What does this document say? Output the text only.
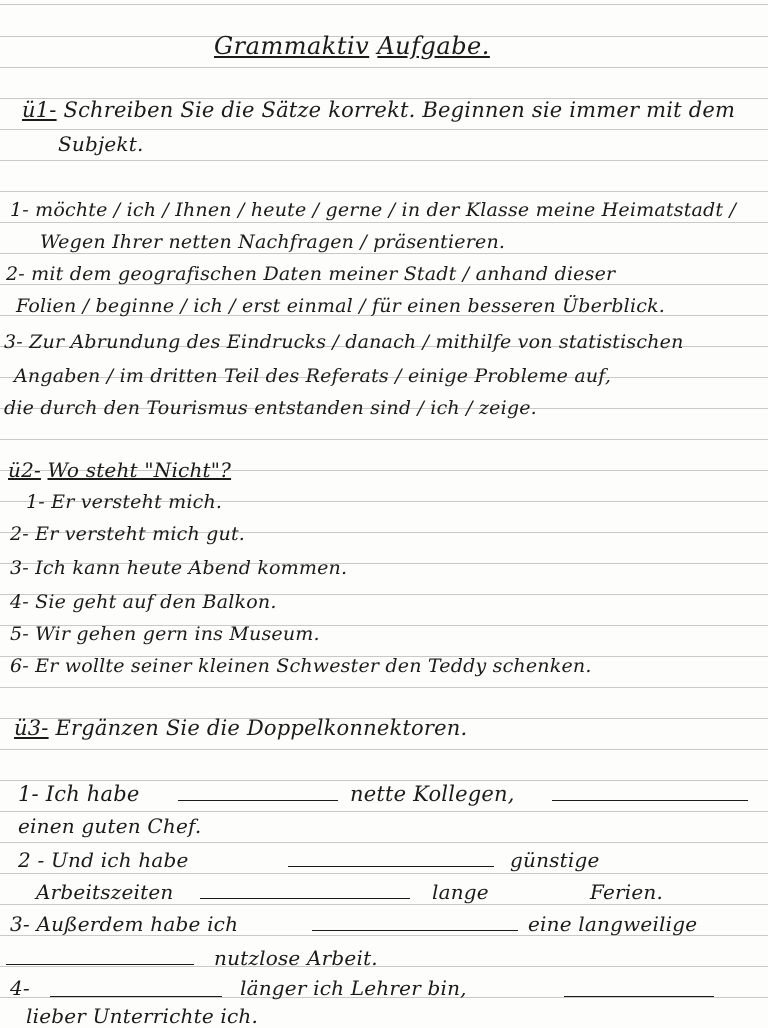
Grammaktiv Aufgabe.
ü1- Schreiben Sie die Sätze korrekt. Beginnen sie immer mit dem
Subjekt.
1- möchte / ich / Ihnen / heute / gerne / in der Klasse meine Heimatstadt /
Wegen Ihrer netten Nachfragen / präsentieren.
2- mit dem geografischen Daten meiner Stadt / anhand dieser
Folien / beginne / ich / erst einmal / für einen besseren Überblick.
3- Zur Abrundung des Eindrucks / danach / mithilfe von statistischen
Angaben / im dritten Teil des Referats / einige Probleme auf,
die durch den Tourismus entstanden sind / ich / zeige.
ü2- Wo steht "Nicht"?
1- Er versteht mich.
2- Er versteht mich gut.
3- Ich kann heute Abend kommen.
4- Sie geht auf den Balkon.
5- Wir gehen gern ins Museum.
6- Er wollte seiner kleinen Schwester den Teddy schenken.
ü3- Ergänzen Sie die Doppelkonnektoren.
1- Ich habe	nette Kollegen,
einen guten Chef.
2 - Und ich habe	günstige
Arbeitszeiten	lange	Ferien.
3- Außerdem habe ich	eine langweilige
nutzlose Arbeit.
4-	länger ich Lehrer bin,
lieber Unterrichte ich.
